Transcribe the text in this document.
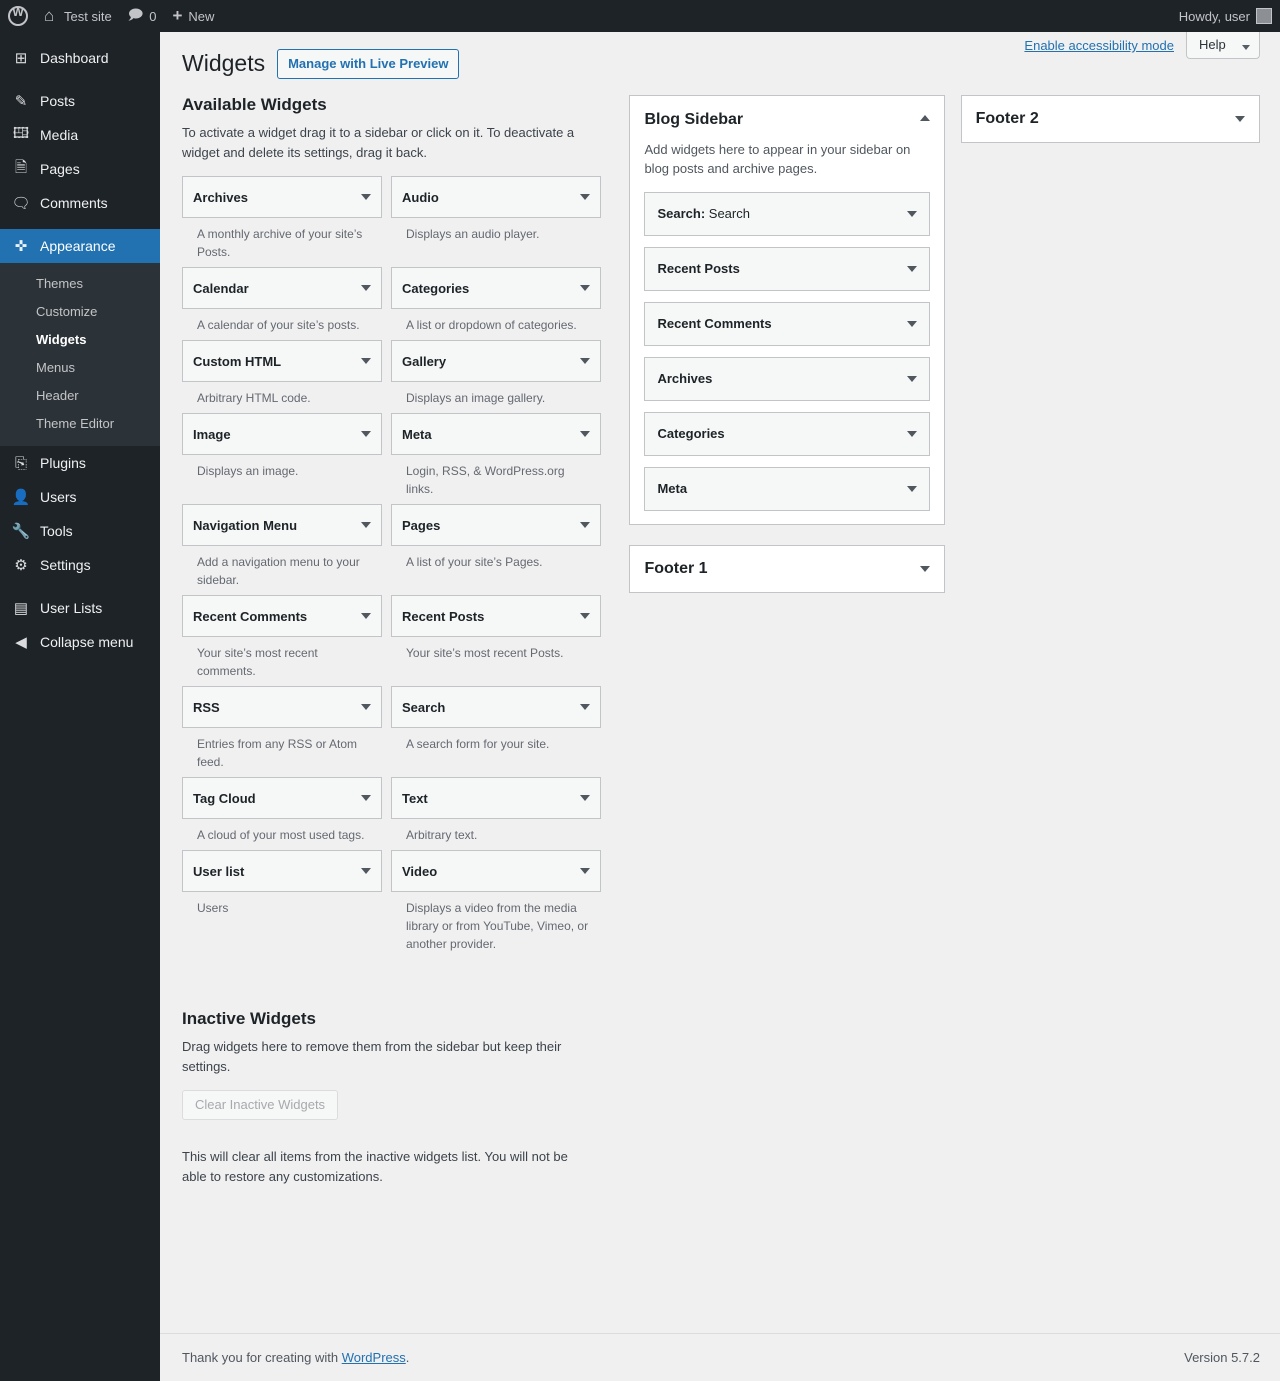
W
⌂
Test site 🗩	0 + New	Howdy, user
⊞ Dashboard
✎ Posts
🖽 Media
🗎 Pages
🗨 Comments
✜ Appearance
Themes
Customize
Widgets
Menus
Header
Theme Editor
⎘ Plugins
👤 Users
🔧 Tools
⚙ Settings
▤ User Lists
◀ Collapse menu
Enable accessibility mode	Help
Widgets	Manage with Live Preview
Available Widgets

To activate a widget drag it to a sidebar or click on it. To deactivate a widget and delete its settings, drag it back.

Archives
A monthly archive of your site’s Posts.
Audio
Displays an audio player.
Calendar
A calendar of your site’s posts.
Categories
A list or dropdown of categories.
Custom HTML
Arbitrary HTML code.
Gallery
Displays an image gallery.
Image
Displays an image.
Meta
Login, RSS, & WordPress.org links.
Navigation Menu
Add a navigation menu to your sidebar.
Pages
A list of your site’s Pages.
Recent Comments
Your site’s most recent comments.
Recent Posts
Your site’s most recent Posts.
RSS
Entries from any RSS or Atom feed.
Search
A search form for your site.
Tag Cloud
A cloud of your most used tags.
Text
Arbitrary text.
User list
Users
Video
Displays a video from the media library or from YouTube, Vimeo, or another provider.
Inactive Widgets

Drag widgets here to remove them from the sidebar but keep their settings.

Clear Inactive Widgets

This will clear all items from the inactive widgets list. You will not be able to restore any customizations.

Blog Sidebar

Add widgets here to appear in your sidebar on blog posts and archive pages.

Search: Search
Recent Posts
Recent Comments
Archives
Categories
Meta
Footer 1
Footer 2
Thank you for creating with WordPress.	Version 5.7.2
